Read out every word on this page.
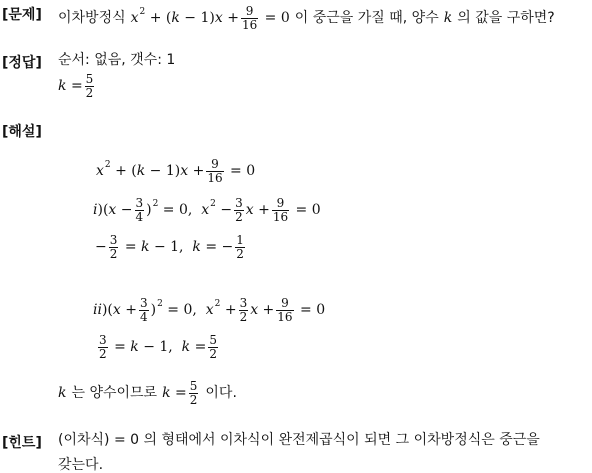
[문제] 이차방정식 x 2 + ( k − 1) $x + \frac{9}{16} = 0$ 이 중근을 가질 때, 양수 k 의 값을 구하면?
[정답] 순서: 없음, 갯수: 1
k
= $\frac{5}{2}$
[해설]
x 2 + ( k − 1) $x + \frac{9}{16} = 0$
i )( $x - \frac{3}{4}$ ) 2 = 0, x $2 - \frac{3}{2}$ $x + \frac{9}{16} = 0$
− $\frac{3}{2} = k - 1$, k = − $\frac{1}{2}$
ii )( $x + \frac{3}{4}$ ) 2 = 0, x $2 + \frac{3}{2}$ $x + \frac{9}{16} = 0$
$\frac{3}{2} = k - 1$, $k = \frac{5}{2}$
k 는 양수이므로 $k = \frac{5}{2}$ 이다.
[힌트] (이차식) = 0 의 형태에서 이차식이 완전제곱식이 되면 그 이차방정식은 중근을
갖는다.
